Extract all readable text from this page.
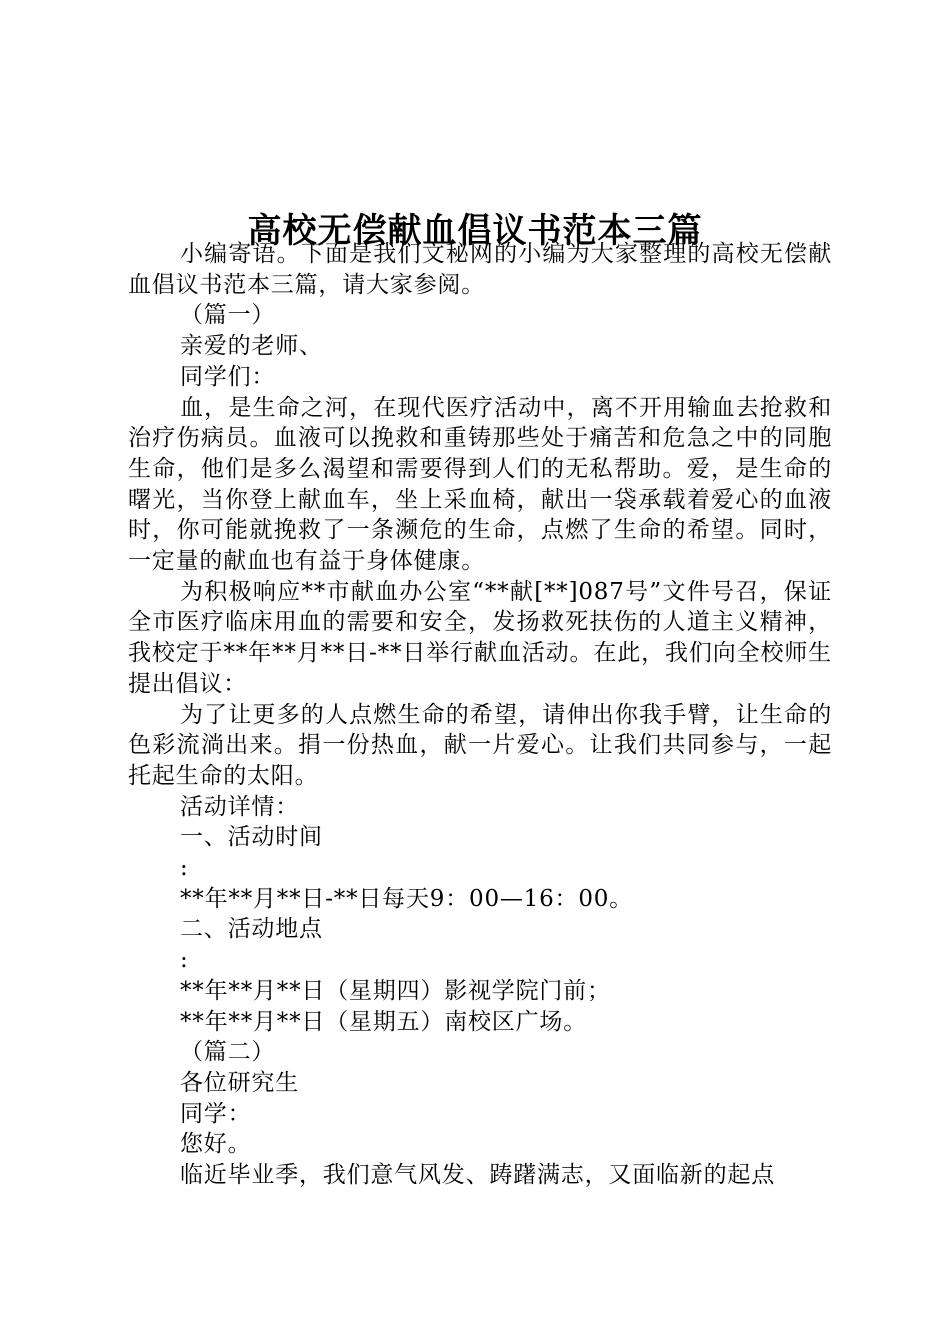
高校无偿献血倡议书范本三篇

小编寄语。下面是我们文秘网的小编为大家整理的高校无偿献血倡议书范本三篇，请大家参阅。

（篇一）

亲爱的老师、

同学们：

血，是生命之河，在现代医疗活动中，离不开用输血去抢救和治疗伤病员。血液可以挽救和重铸那些处于痛苦和危急之中的同胞生命，他们是多么渴望和需要得到人们的无私帮助。爱，是生命的曙光，当你登上献血车，坐上采血椅，献出一袋承载着爱心的血液时，你可能就挽救了一条濒危的生命，点燃了生命的希望。同时，一定量的献血也有益于身体健康。

为积极响应**市献血办公室“**献[**]087号”文件号召，保证全市医疗临床用血的需要和安全，发扬救死扶伤的人道主义精神，我校定于**年**月**日-**日举行献血活动。在此，我们向全校师生提出倡议：

为了让更多的人点燃生命的希望，请伸出你我手臂，让生命的色彩流淌出来。捐一份热血，献一片爱心。让我们共同参与，一起托起生命的太阳。

活动详情：

一、活动时间

:

**年**月**日-**日每天9：00—16：00。

二、活动地点

:

**年**月**日（星期四）影视学院门前；

**年**月**日（星期五）南校区广场。

（篇二）

各位研究生

同学：

您好。

临近毕业季，我们意气风发、踌躇满志，又面临新的起点
